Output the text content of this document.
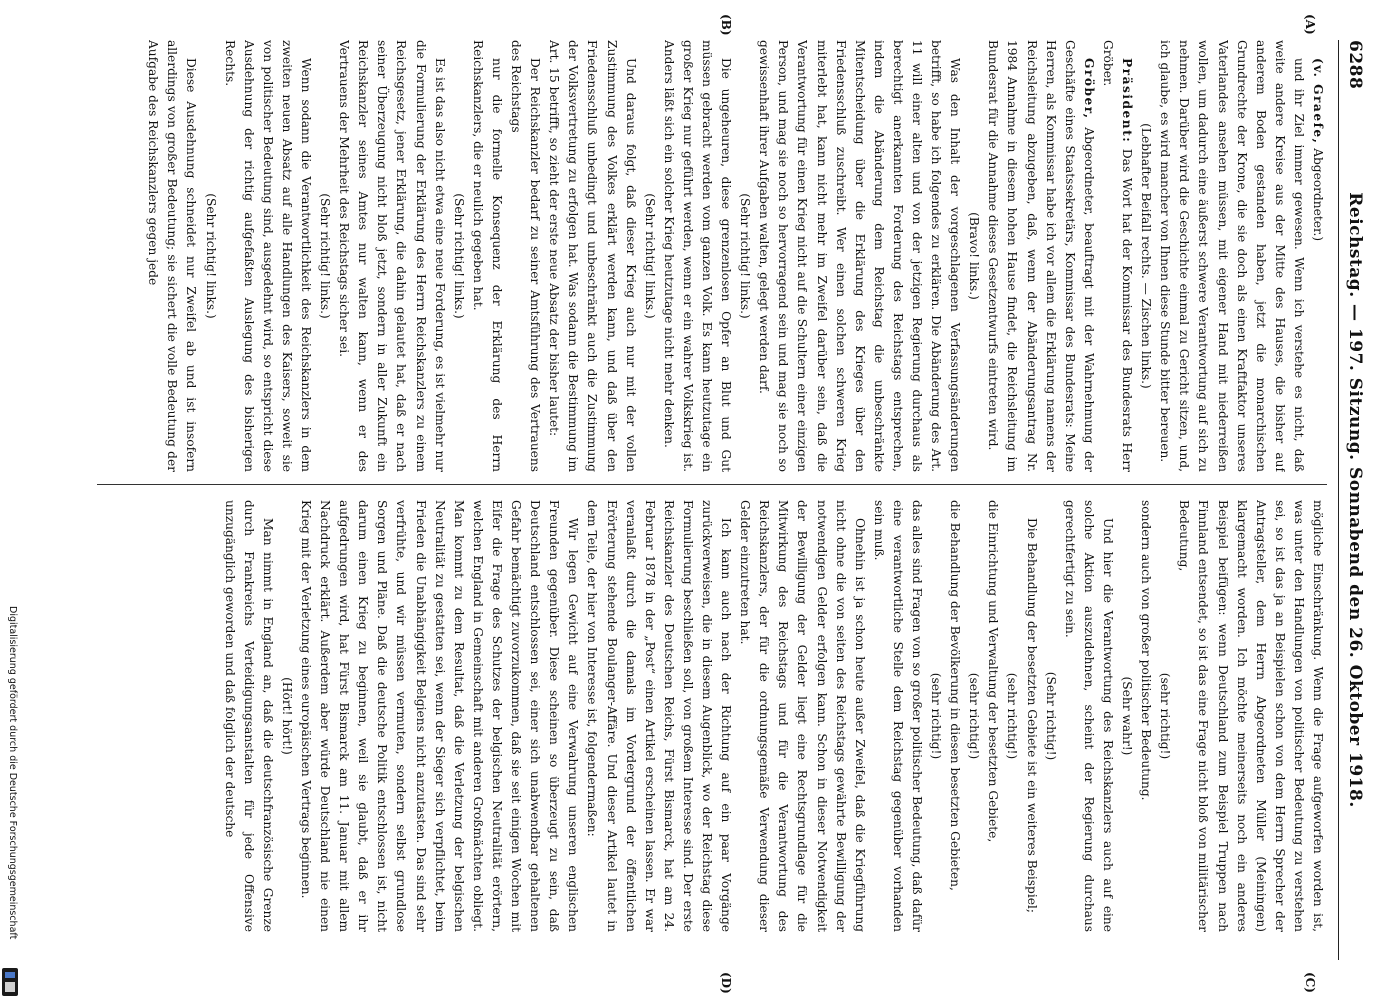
Digitalisierung gefördert durch die Deutsche Forschungsgemeinschaft
6288
Reichstag. — 197. Sitzung. Sonnabend den 26. Oktober 1918.
(A)
(B)
(C)
(D)

(v. Graefe, Abgeordneter.)

und ihr Ziel immer gewesen. Wenn ich verstehe es nicht, daß weite andere Kreise aus der Mitte des Hauses, die bisher auf anderem Boden gestanden haben, jetzt die monarchischen Grundrechte der Krone, die sie doch als einen Kraftfaktor unseres Vaterlandes ansehen müssen, mit eigener Hand mit niederreißen wollen, um dadurch eine äußerst schwere Verantwortung auf sich zu nehmen. Darüber wird die Geschichte einmal zu Gericht sitzen, und, ich glaube, es wird mancher von Ihnen diese Stunde bitter bereuen.

(Lebhafter Beifall rechts. — Zischen links.)

Präsident: Das Wort hat der Kommissar des Bundesrats Herr Gröber.

Gröber, Abgeordneter, beauftragt mit der Wahrnehmung der Geschäfte eines Staatssekretärs, Kommissar des Bundesrats: Meine Herren, als Kommissar habe ich vor allem die Erklärung namens der Reichsleitung abzugeben, daß, wenn der Abänderungsantrag Nr. 1984 Annahme in diesem hohen Hause findet, die Reichsleitung im Bundesrat für die Annahme dieses Gesetzentwurfs eintreten wird.

(Bravo! links.)

Was den Inhalt der vorgeschlagenen Verfassungsänderungen betrifft, so habe ich folgendes zu erklären. Die Abänderung des Art. 11 will einer alten und von der jetzigen Regierung durchaus als berechtigt anerkannten Forderung des Reichstags entsprechen, indem die Abänderung dem Reichstag die unbeschränkte Mitentscheidung über die Erklärung des Krieges über den Friedensschluß zuschreibt. Wer einen solchen schweren Krieg miterlebt hat, kann nicht mehr im Zweifel darüber sein, daß die Verantwortung für einen Krieg nicht auf die Schultern einer einzigen Person, und mag sie noch so hervorragend sein und mag sie noch so gewissenhaft ihrer Aufgaben walten, gelegt werden darf.

(Sehr richtig! links.)

Die ungeheuren, diese grenzenlosen Opfer an Blut und Gut müssen gebracht werden vom ganzen Volk. Es kann heutzutage ein großer Krieg nur geführt werden, wenn er ein wahrer Volkskrieg ist. Anders läßt sich ein solcher Krieg heutzutage nicht mehr denken.

(Sehr richtig! links.)

Und daraus folgt, daß dieser Krieg auch nur mit der vollen Zustimmung des Volkes erklärt werden kann, und daß über den Friedensschluß unbedingt und unbeschränkt auch die Zustimmung der Volksvertretung zu erfolgen hat. Was sodann die Bestimmung im Art. 15 betrifft, so zieht der erste neue Absatz der bisher lautet:

Der Reichskanzler bedarf zu seiner Amtsführung des Vertrauens des Reichstags

nur die formelle Konsequenz der Erklärung des Herrn Reichskanzlers, die er neulich gegeben hat.

(Sehr richtig! links.)

Es ist das also nicht etwa eine neue Forderung, es ist vielmehr nur die Formulierung der Erklärung des Herrn Reichskanzlers zu einem Reichsgesetz, jener Erklärung, die dahin gelautet hat, daß er nach seiner Überzeugung nicht bloß jetzt, sondern in aller Zukunft ein Reichskanzler seines Amtes nur walten kann, wenn er des Vertrauens der Mehrheit des Reichstags sicher sei.

(Sehr richtig! links.)

Wenn sodann die Verantwortlichkeit des Reichskanzlers in dem zweiten neuen Absatz auf alle Handlungen des Kaisers, soweit sie von politischer Bedeutung sind, ausgedehnt wird, so entspricht diese Ausdehnung der richtig aufgefaßten Auslegung des bisherigen Rechts.

(Sehr richtig! links.)

Diese Ausdehnung schneidet nur Zweifel ab und ist insofern allerdings von großer Bedeutung; sie sichert die volle Bedeutung der Aufgabe des Reichskanzlers gegen jede

mögliche Einschränkung. Wenn die Frage aufgeworfen worden ist, was unter den Handlungen von politischer Bedeutung zu verstehen sei, so ist das ja an Beispielen schon von dem Herrn Sprecher der Antragsteller, dem Herrn Abgeordneten Müller (Meiningen) klargemacht worden. Ich möchte meinerseits noch ein anderes Beispiel beifügen: wenn Deutschland zum Beispiel Truppen nach Finnland entsendet, so ist das eine Frage nicht bloß von militärischer Bedeutung,

(sehr richtig!)

sondern auch von großer politischer Bedeutung.

(Sehr wahr!)

Und hier die Verantwortung des Reichskanzlers auch auf eine solche Aktion auszudehnen, scheint der Regierung durchaus gerechtfertigt zu sein.

(Sehr richtig!)

Die Behandlung der besetzten Gebiete ist ein weiteres Beispiel;

(sehr richtig!)

die Einrichtung und Verwaltung der besetzten Gebiete,

(sehr richtig!)

die Behandlung der Bevölkerung in diesen besetzten Gebieten,

(sehr richtig!)

das alles sind Fragen von so großer politischer Bedeutung, daß dafür eine verantwortliche Stelle dem Reichstag gegenüber vorhanden sein muß.

Ohnehin ist ja schon heute außer Zweifel, daß die Kriegführung nicht ohne die von seiten des Reichstags gewährte Bewilligung der notwendigen Gelder erfolgen kann. Schon in dieser Notwendigkeit der Bewilligung der Gelder liegt eine Rechtsgrundlage für die Mitwirkung des Reichstags und für die Verantwortung des Reichskanzlers, der für die ordnungsgemäße Verwendung dieser Gelder einzutreten hat.

Ich kann auch nach der Richtung auf ein paar Vorgänge zurückverweisen, die in diesem Augenblick, wo der Reichstag diese Formulierung beschließen soll, von großem Interesse sind. Der erste Reichskanzler des Deutschen Reichs, Fürst Bismarck, hat am 24. Februar 1878 in der „Post“ einen Artikel erscheinen lassen. Er war veranlaßt durch die damals im Vordergrund der öffentlichen Erörterung stehende Boulanger-Affäre. Und dieser Artikel lautet in dem Teile, der hier von Interesse ist, folgendermaßen:

Wir legen Gewicht auf eine Verwahrung unseren englischen Freunden gegenüber. Diese scheinen so überzeugt zu sein, daß Deutschland entschlossen sei, einer sich unabwendbar gehaltenen Gefahr bemächtigt zuvorzukommen, daß sie seit einigen Wochen mit Eifer die Frage des Schutzes der belgischen Neutralität erörtern, welchen England in Gemeinschaft mit anderen Großmächten obliegt. Man kommt zu dem Resultat, daß die Verletzung der belgischen Neutralität zu gestatten sei, wenn der Sieger sich verpflichtet, beim Frieden die Unabhängigkeit Belgiens nicht anzutasten. Das sind sehr verfrühte, und wir müssen vermuten, sondern selbst grundlose Sorgen und Pläne. Daß die deutsche Politik entschlossen ist, nicht darum einen Krieg zu beginnen, weil sie glaubt, daß er ihr aufgedrungen wird, hat Fürst Bismarck am 11. Januar mit allem Nachdruck erklärt. Außerdem aber würde Deutschland nie einen Krieg mit der Verletzung eines europäischen Vertrags beginnen.

(Hört! hört!)

Man nimmt in England an, daß die deutschfranzösische Grenze durch Frankreichs Verteidigungsanstalten für jede Offensive unzugänglich geworden und daß folglich der deutsche
